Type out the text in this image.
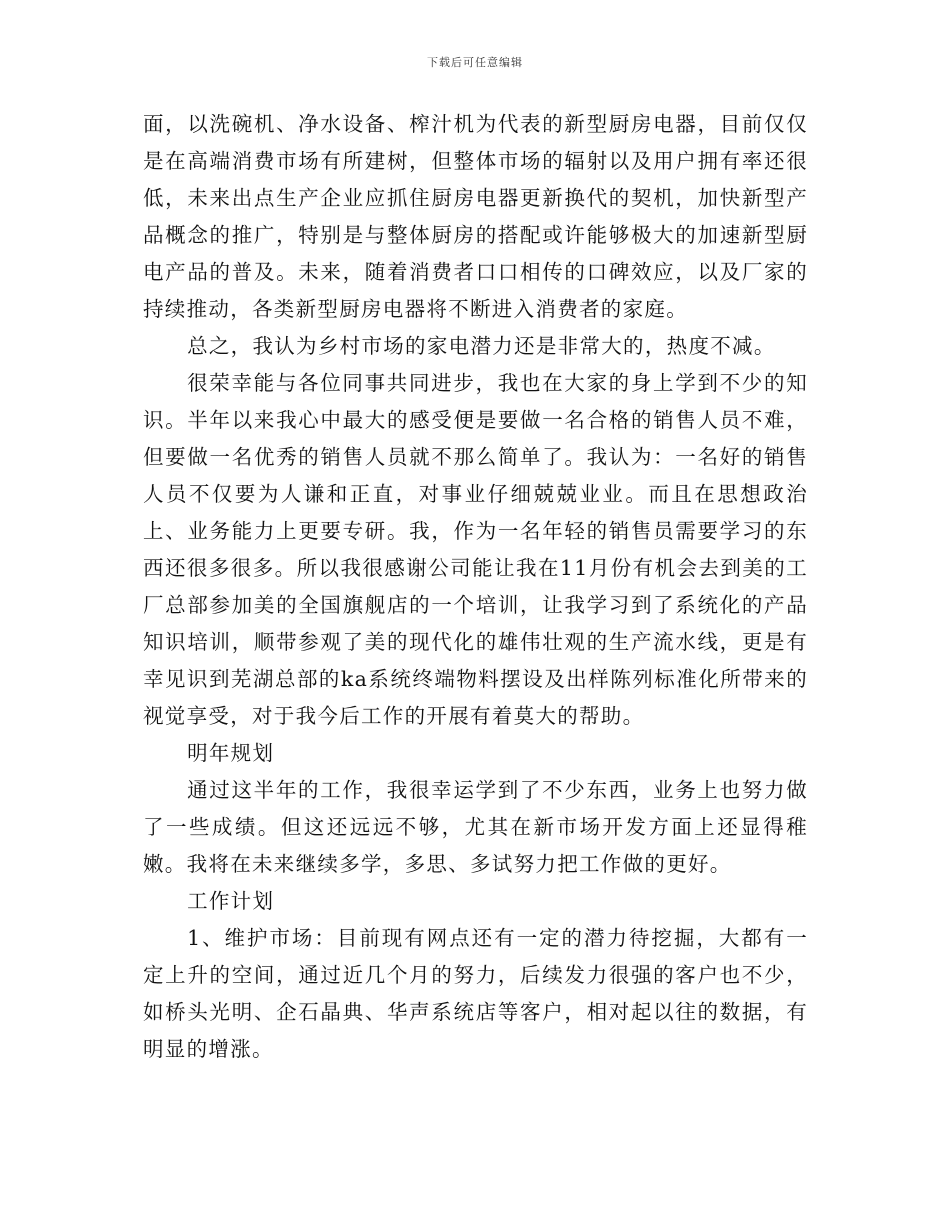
下载后可任意编辑

面，以洗碗机、净水设备、榨汁机为代表的新型厨房电器，目前仅仅是在高端消费市场有所建树，但整体市场的辐射以及用户拥有率还很低，未来出点生产企业应抓住厨房电器更新换代的契机，加快新型产品概念的推广，特别是与整体厨房的搭配或许能够极大的加速新型厨电产品的普及。未来，随着消费者口口相传的口碑效应，以及厂家的持续推动，各类新型厨房电器将不断进入消费者的家庭。

总之，我认为乡村市场的家电潜力还是非常大的，热度不减。

很荣幸能与各位同事共同进步，我也在大家的身上学到不少的知识。半年以来我心中最大的感受便是要做一名合格的销售人员不难，但要做一名优秀的销售人员就不那么简单了。我认为：一名好的销售人员不仅要为人谦和正直，对事业仔细兢兢业业。而且在思想政治上、业务能力上更要专研。我，作为一名年轻的销售员需要学习的东西还很多很多。所以我很感谢公司能让我在11月份有机会去到美的工厂总部参加美的全国旗舰店的一个培训，让我学习到了系统化的产品知识培训，顺带参观了美的现代化的雄伟壮观的生产流水线，更是有幸见识到芜湖总部的ka系统终端物料摆设及出样陈列标准化所带来的视觉享受，对于我今后工作的开展有着莫大的帮助。

明年规划

通过这半年的工作，我很幸运学到了不少东西，业务上也努力做了一些成绩。但这还远远不够，尤其在新市场开发方面上还显得稚嫩。我将在未来继续多学，多思、多试努力把工作做的更好。

工作计划

1、维护市场：目前现有网点还有一定的潜力待挖掘，大都有一定上升的空间，通过近几个月的努力，后续发力很强的客户也不少，如桥头光明、企石晶典、华声系统店等客户，相对起以往的数据，有明显的增涨。
